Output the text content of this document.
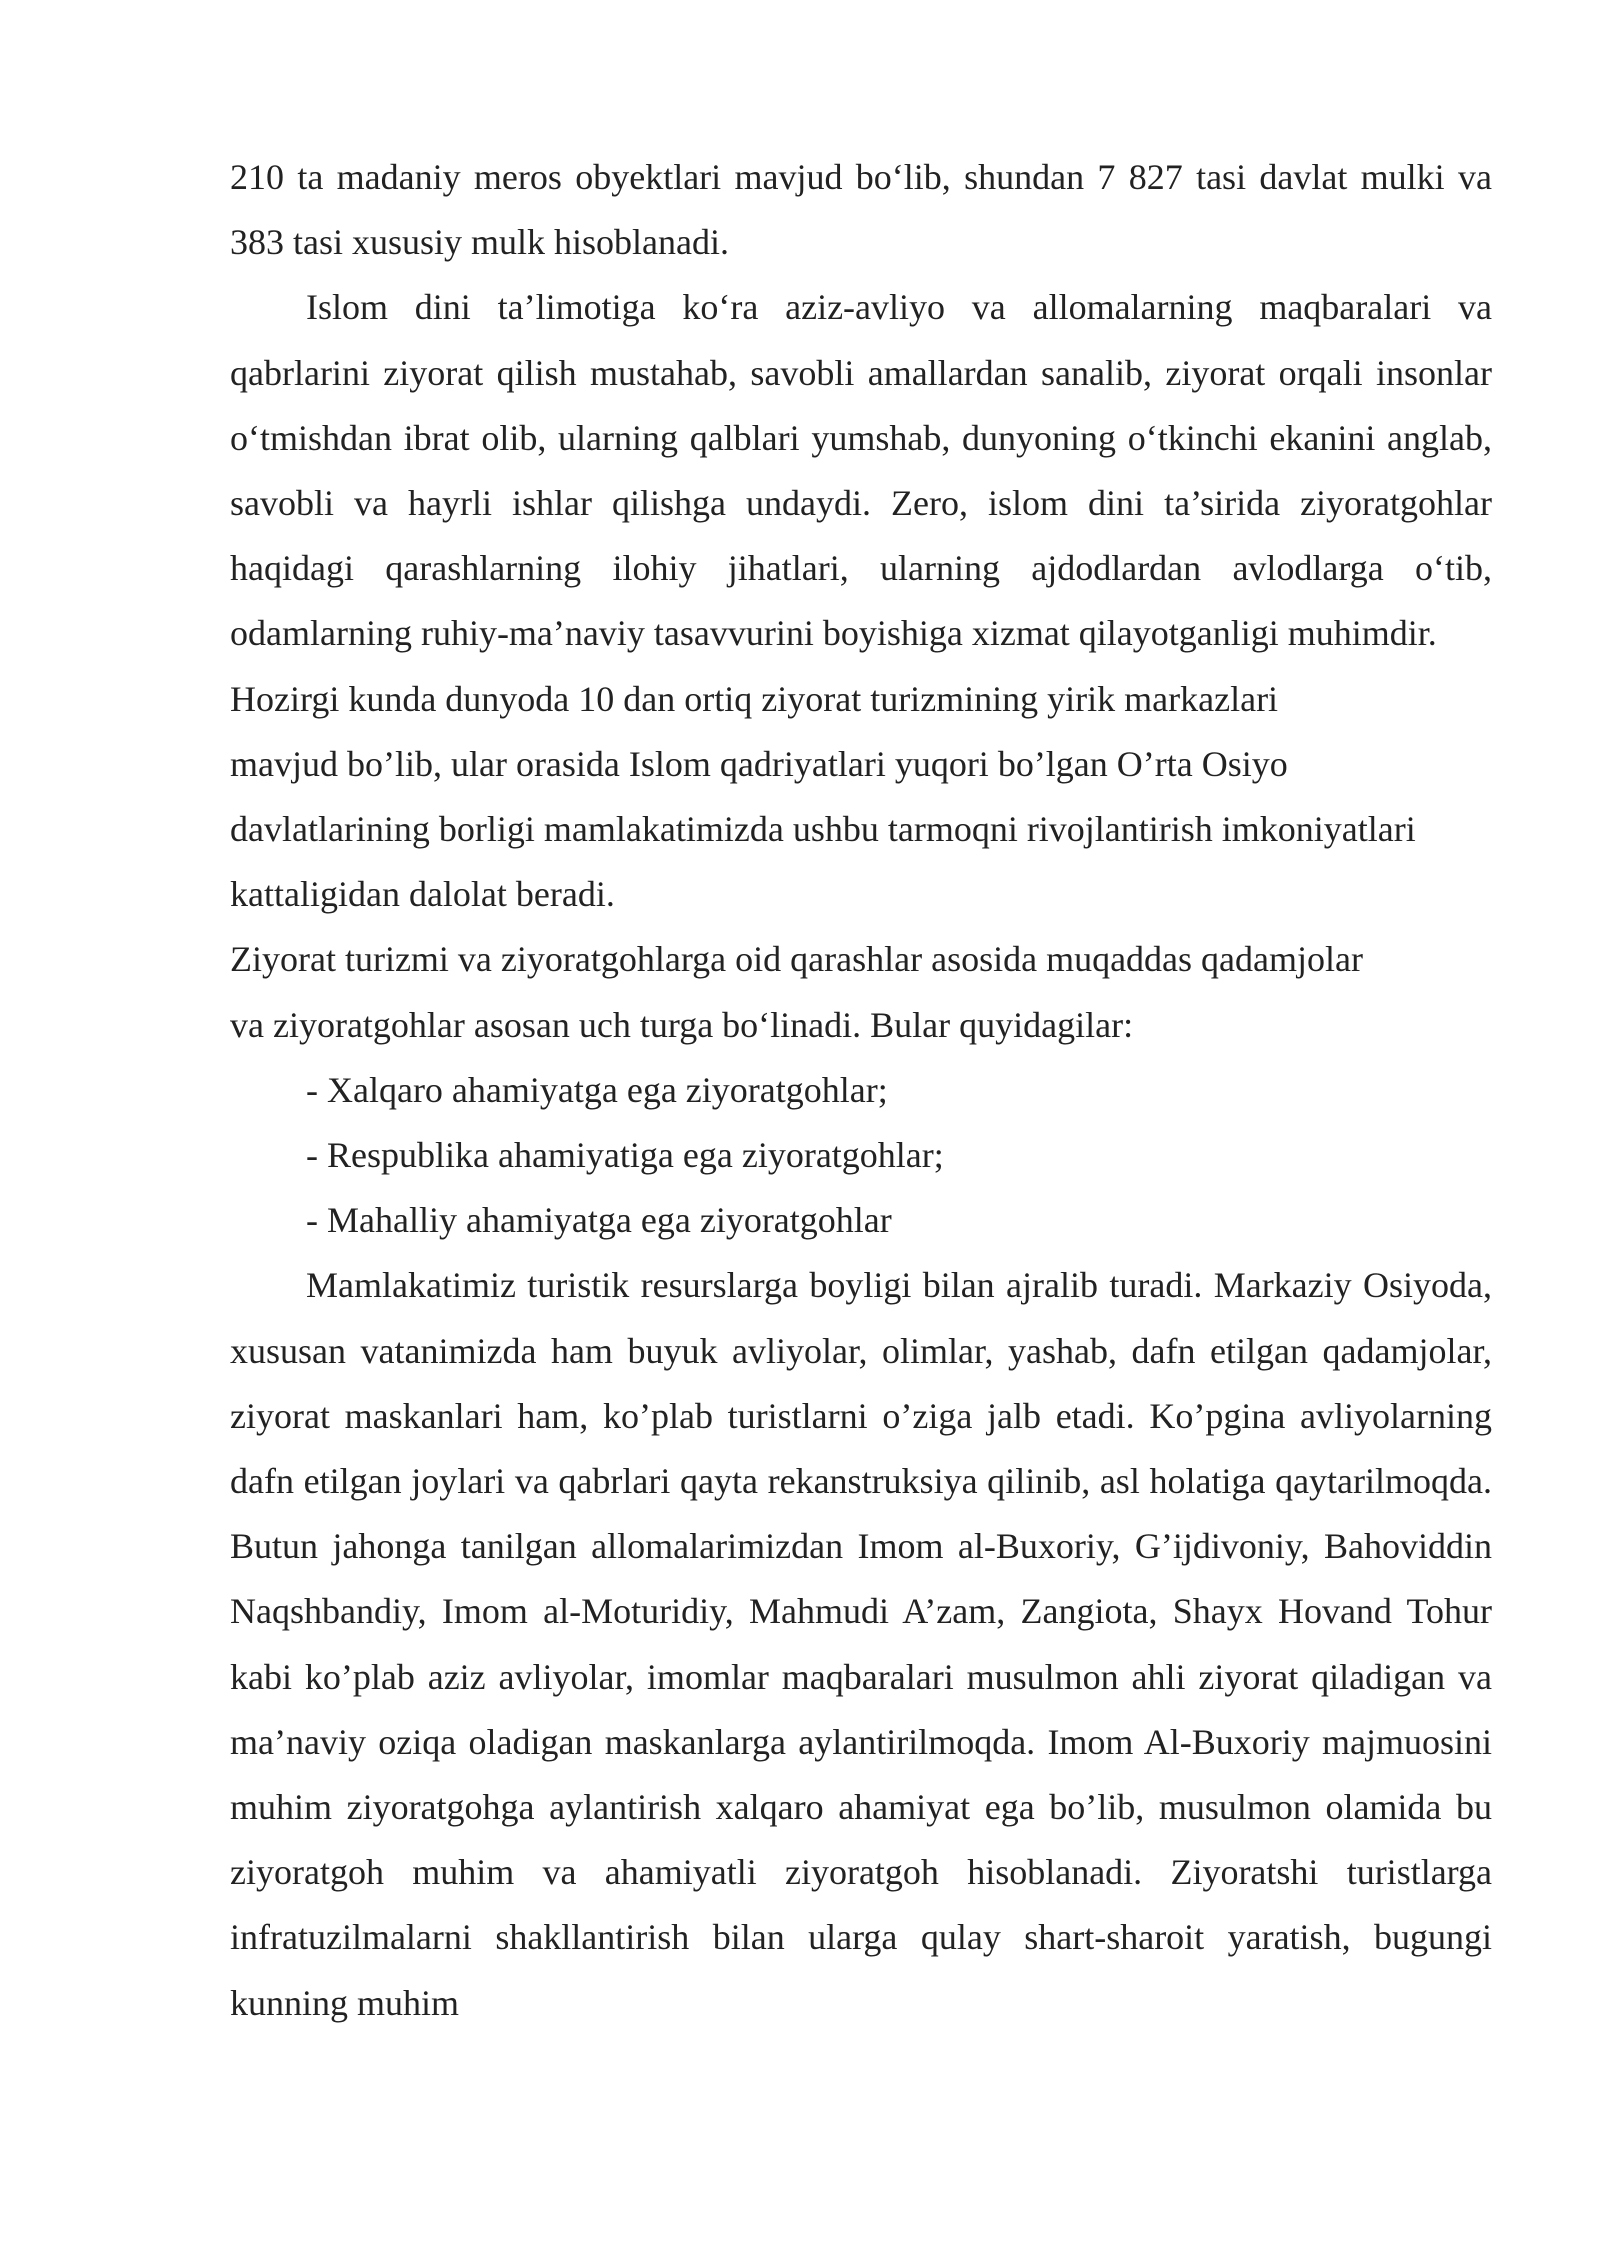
210 ta madaniy meros obyektlari mavjud bo‘lib, shundan 7 827 tasi davlat mulki va 383 tasi xususiy mulk hisoblanadi.
Islom dini ta’limotiga ko‘ra aziz-avliyo va allomalarning maqbaralari va qabrlarini ziyorat qilish mustahab, savobli amallardan sanalib, ziyorat orqali insonlar o‘tmishdan ibrat olib, ularning qalblari yumshab, dunyoning o‘tkinchi ekanini anglab, savobli va hayrli ishlar qilishga undaydi. Zero, islom dini ta’sirida ziyoratgohlar haqidagi qarashlarning ilohiy jihatlari, ularning ajdodlardan avlodlarga o‘tib, odamlarning ruhiy-ma’naviy tasavvurini boyishiga xizmat qilayotganligi muhimdir.
Hozirgi kunda dunyoda 10 dan ortiq ziyorat turizmining yirik markazlari
mavjud bo’lib, ular orasida Islom qadriyatlari yuqori bo’lgan O’rta Osiyo
davlatlarining borligi mamlakatimizda ushbu tarmoqni rivojlantirish imkoniyatlari
kattaligidan dalolat beradi.
Ziyorat turizmi va ziyoratgohlarga oid qarashlar asosida muqaddas qadamjolar
va ziyoratgohlar asosan uch turga bo‘linadi. Bular quyidagilar:
- Xalqaro ahamiyatga ega ziyoratgohlar;
- Respublika ahamiyatiga ega ziyoratgohlar;
- Mahalliy ahamiyatga ega ziyoratgohlar
Mamlakatimiz turistik resurslarga boyligi bilan ajralib turadi. Markaziy Osiyoda, xususan vatanimizda ham buyuk avliyolar, olimlar, yashab, dafn etilgan qadamjolar, ziyorat maskanlari ham, ko’plab turistlarni o’ziga jalb etadi. Ko’pgina avliyolarning dafn etilgan joylari va qabrlari qayta rekanstruksiya qilinib, asl holatiga qaytarilmoqda. Butun jahonga tanilgan allomalarimizdan Imom al-Buxoriy, G’ijdivoniy, Bahoviddin Naqshbandiy, Imom al-Moturidiy, Mahmudi A’zam, Zangiota, Shayx Hovand Tohur kabi ko’plab aziz avliyolar, imomlar maqbaralari musulmon ahli ziyorat qiladigan va ma’naviy oziqa oladigan maskanlarga aylantirilmoqda. Imom Al-Buxoriy majmuosini muhim ziyoratgohga aylantirish xalqaro ahamiyat ega bo’lib, musulmon olamida bu ziyoratgoh muhim va ahamiyatli ziyoratgoh hisoblanadi. Ziyoratshi turistlarga infratuzilmalarni shakllantirish bilan ularga qulay shart-sharoit yaratish, bugungi kunning muhim
